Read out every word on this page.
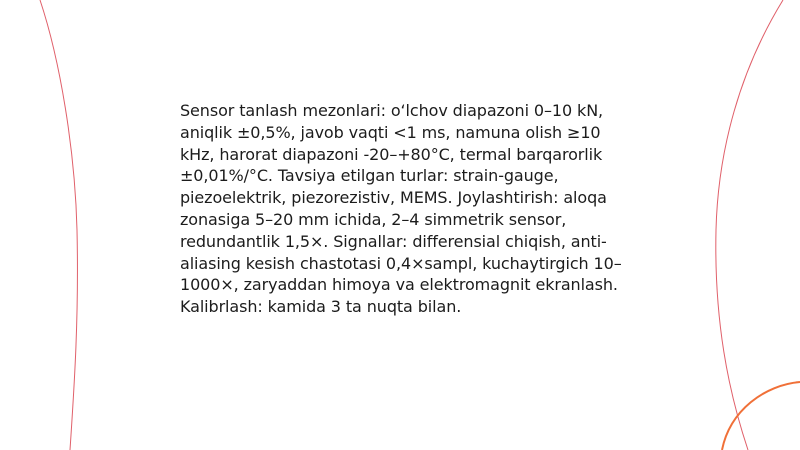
Sensor tanlash mezonlari: o‘lchov diapazoni 0–10 kN, aniqlik ±0,5%, javob vaqti <1 ms, namuna olish ≥10 kHz, harorat diapazoni -20–+80°C, termal barqarorlik ±0,01%/°C. Tavsiya etilgan turlar: strain-gauge, piezoelektrik, piezorezistiv, MEMS. Joylashtirish: aloqa zonasiga 5–20 mm ichida, 2–4 simmetrik sensor, redundantlik 1,5×. Signallar: differensial chiqish, anti-aliasing kesish chastotasi 0,4×sampl, kuchaytirgich 10–1000×, zaryaddan himoya va elektromagnit ekranlash. Kalibrlash: kamida 3 ta nuqta bilan.
